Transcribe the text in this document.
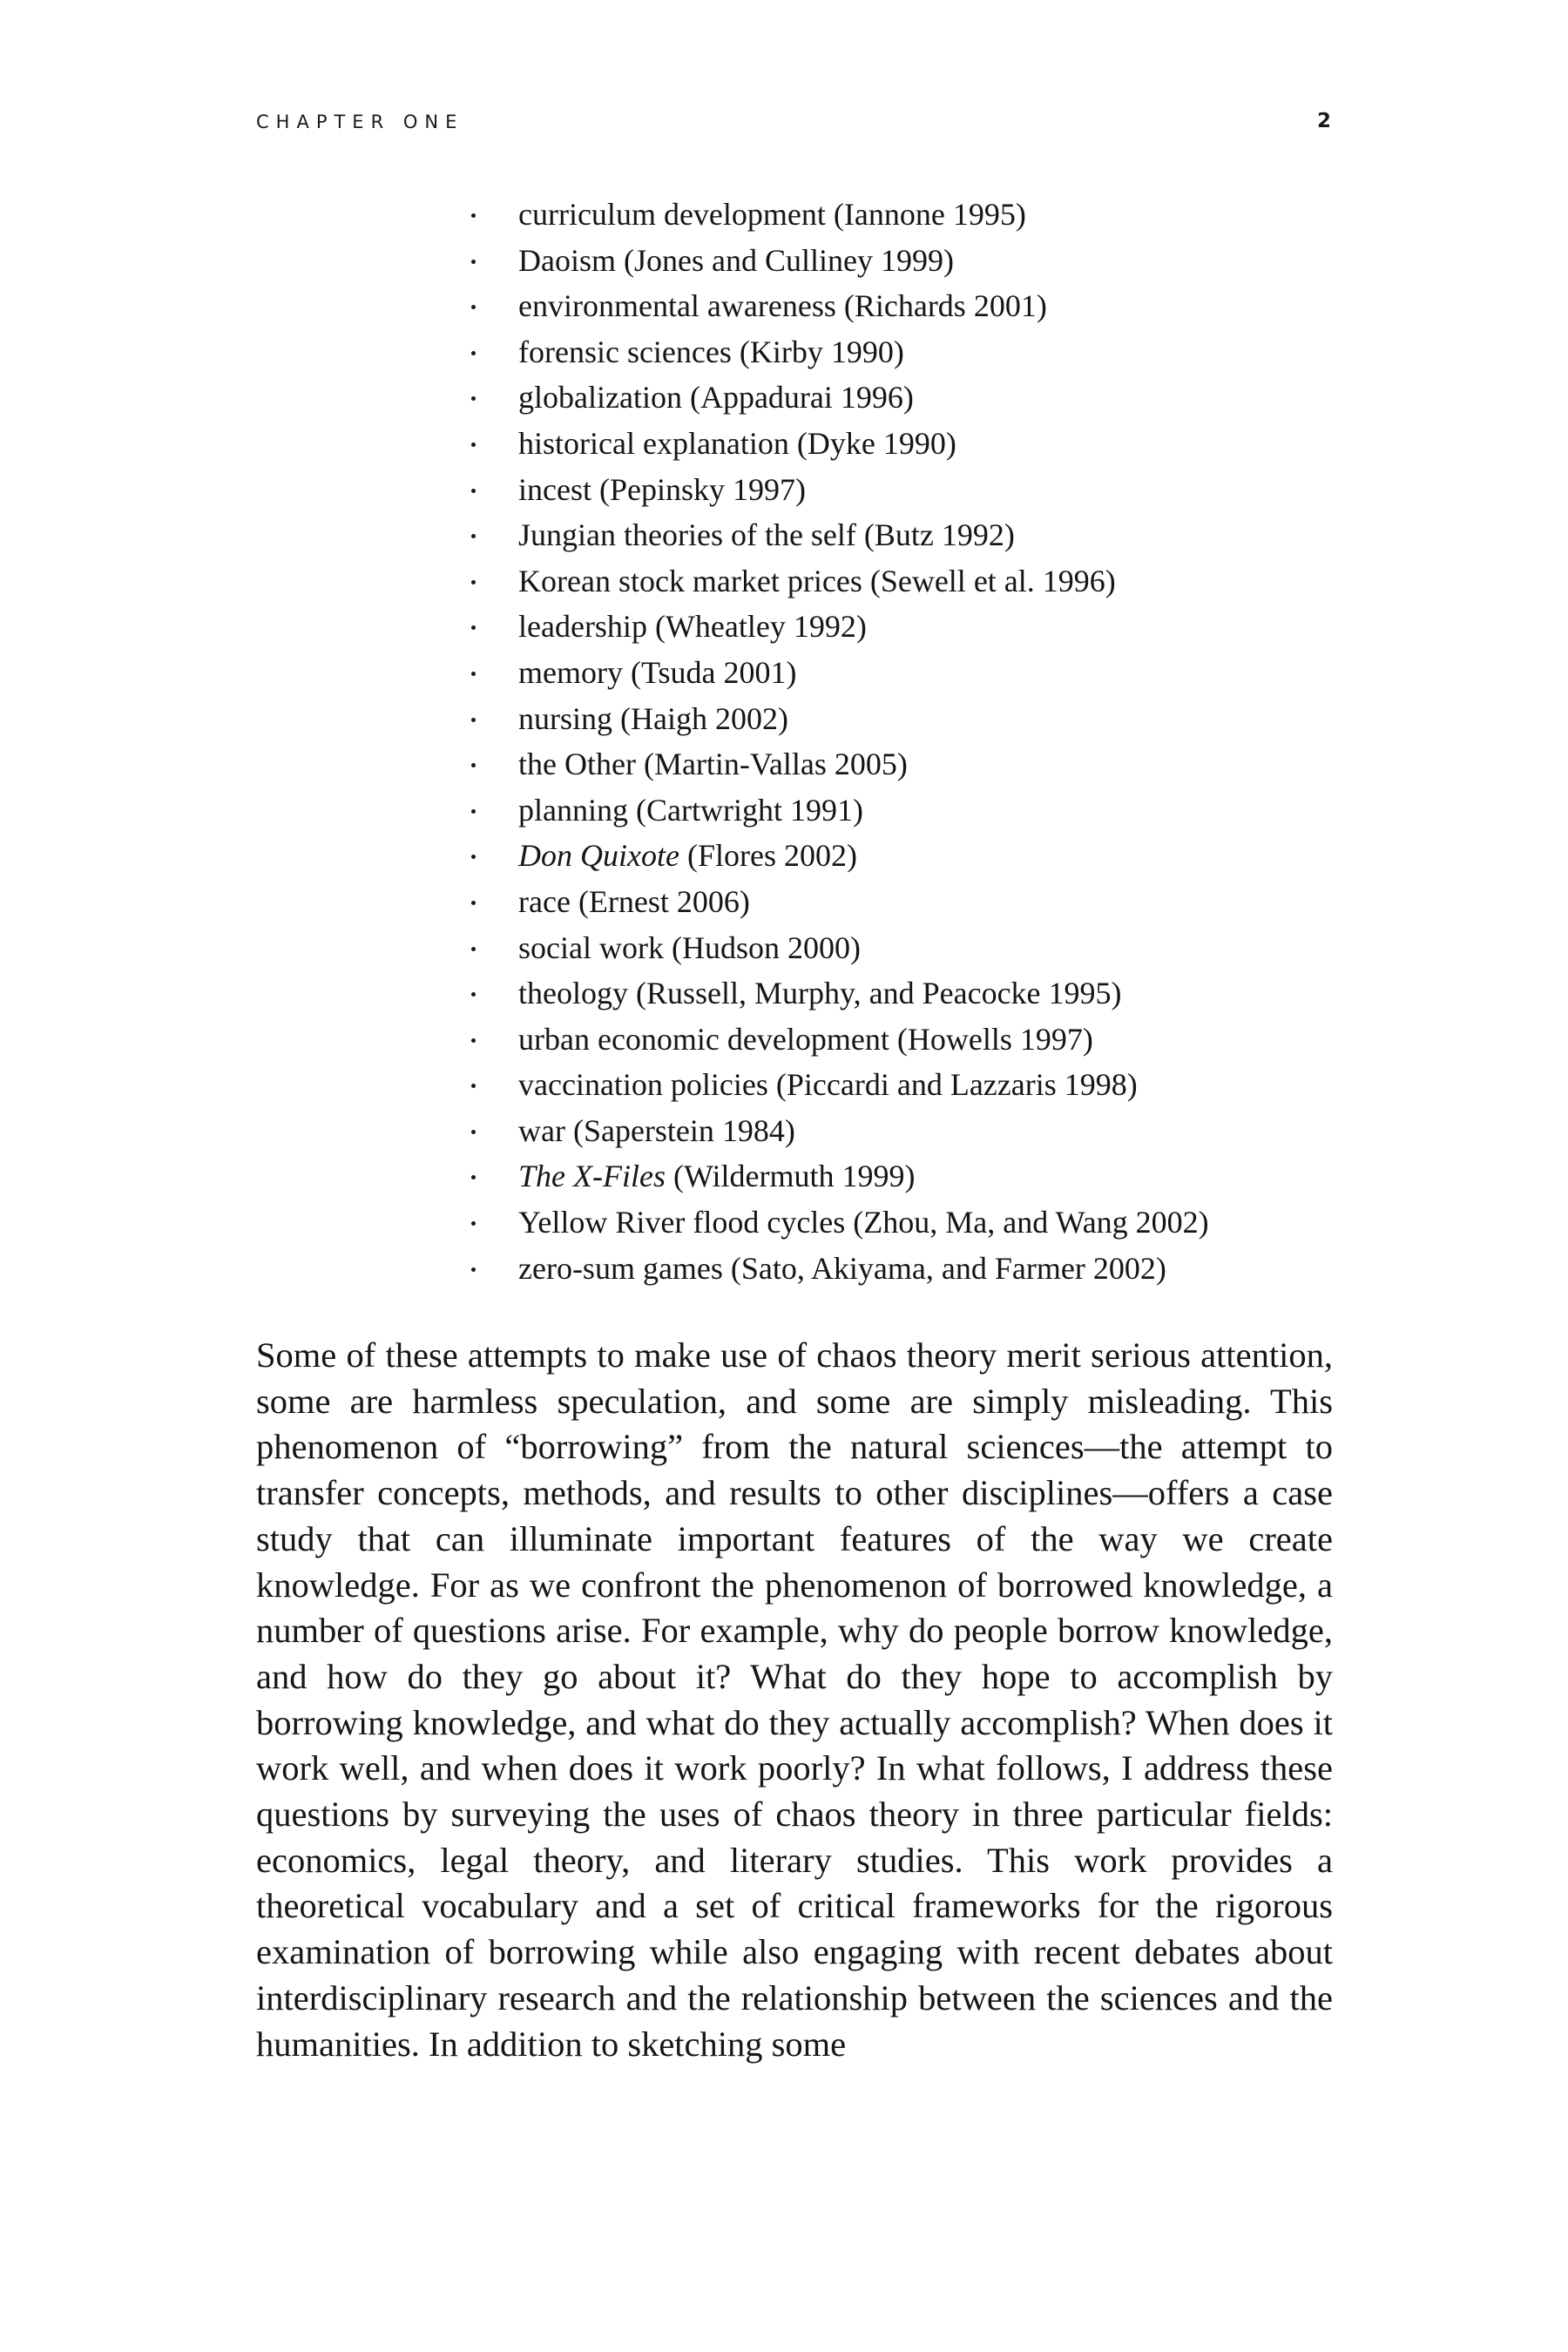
CHAPTER ONE	2
curriculum development (Iannone 1995)
Daoism (Jones and Culliney 1999)
environmental awareness (Richards 2001)
forensic sciences (Kirby 1990)
globalization (Appadurai 1996)
historical explanation (Dyke 1990)
incest (Pepinsky 1997)
Jungian theories of the self (Butz 1992)
Korean stock market prices (Sewell et al. 1996)
leadership (Wheatley 1992)
memory (Tsuda 2001)
nursing (Haigh 2002)
the Other (Martin-Vallas 2005)
planning (Cartwright 1991)
Don Quixote (Flores 2002)
race (Ernest 2006)
social work (Hudson 2000)
theology (Russell, Murphy, and Peacocke 1995)
urban economic development (Howells 1997)
vaccination policies (Piccardi and Lazzaris 1998)
war (Saperstein 1984)
The X-Files (Wildermuth 1999)
Yellow River flood cycles (Zhou, Ma, and Wang 2002)
zero-sum games (Sato, Akiyama, and Farmer 2002)

Some of these attempts to make use of chaos theory merit serious attention, some are harmless speculation, and some are simply misleading. This phenomenon of “borrowing” from the natural sciences—the attempt to transfer concepts, methods, and results to other disciplines—offers a case study that can illuminate important features of the way we create knowledge. For as we confront the phenomenon of borrowed knowledge, a number of questions arise. For example, why do people borrow knowledge, and how do they go about it? What do they hope to accomplish by borrowing knowledge, and what do they actually accomplish? When does it work well, and when does it work poorly? In what follows, I address these questions by surveying the uses of chaos theory in three particular fields: economics, legal theory, and literary studies. This work provides a theoretical vocabulary and a set of critical frameworks for the rigorous examination of borrowing while also engaging with recent debates about interdisciplinary research and the relationship between the sciences and the humanities. In addition to sketching some
